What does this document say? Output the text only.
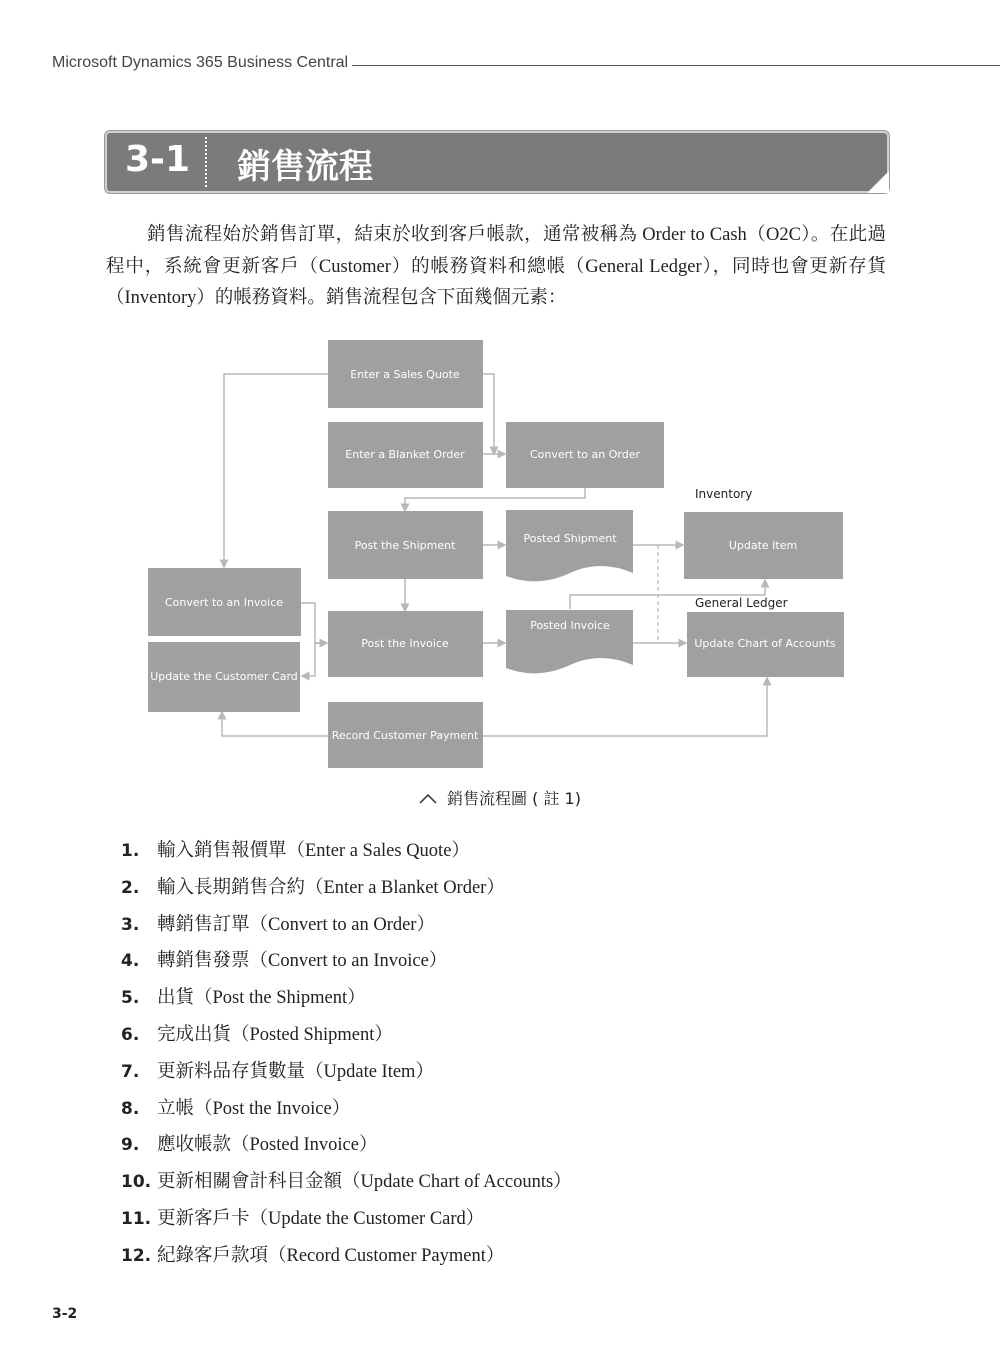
Microsoft Dynamics 365 Business Central
3-1 銷售流程

銷售流程始於銷售訂單，結束於收到客戶帳款，通常被稱為 Order to Cash（O2C）。在此過程中，系統會更新客戶（Customer）的帳務資料和總帳（General Ledger），同時也會更新存貨（Inventory）的帳務資料。銷售流程包含下面幾個元素：

Enter a Sales Quote
Enter a Blanket Order	Convert to an Order
Post the Shipment
Posted Shipment
Update Item
Convert to an Invoice
Post the Invoice
Posted Invoice
Update Chart of Accounts
Update the Customer Card
Record Customer Payment
Inventory
General Ledger
銷售流程圖 ( 註 1)
1. 輸入銷售報價單（Enter a Sales Quote）
2. 輸入長期銷售合約（Enter a Blanket Order）
3. 轉銷售訂單（Convert to an Order）
4. 轉銷售發票（Convert to an Invoice）
5. 出貨（Post the Shipment）
6. 完成出貨（Posted Shipment）
7. 更新料品存貨數量（Update Item）
8. 立帳（Post the Invoice）
9. 應收帳款（Posted Invoice）
10. 更新相關會計科目金額（Update Chart of Accounts）
11. 更新客戶卡（Update the Customer Card）
12. 紀錄客戶款項（Record Customer Payment）
3-2
